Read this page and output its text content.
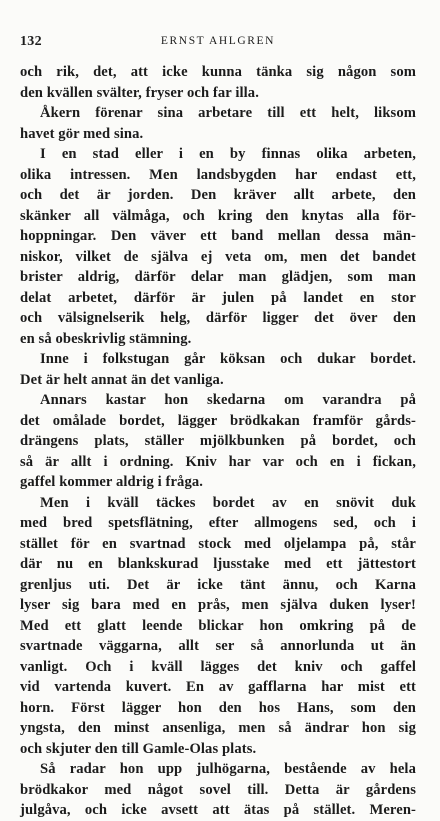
132	ERNST AHLGREN
och rik, det, att icke kunna tänka sig någon som
den kvällen svälter, fryser och far illa.
Åkern förenar sina arbetare till ett helt, liksom
havet gör med sina.
I en stad eller i en by finnas olika arbeten,
olika intressen. Men landsbygden har endast ett,
och det är jorden. Den kräver allt arbete, den
skänker all välmåga, och kring den knytas alla för-
hoppningar. Den väver ett band mellan dessa män-
niskor, vilket de själva ej veta om, men det bandet
brister aldrig, därför delar man glädjen, som man
delat arbetet, därför är julen på landet en stor
och välsignelserik helg, därför ligger det över den
en så obeskrivlig stämning.
Inne i folkstugan går köksan och dukar bordet.
Det är helt annat än det vanliga.
Annars kastar hon skedarna om varandra på
det omålade bordet, lägger brödkakan framför gårds-
drängens plats, ställer mjölkbunken på bordet, och
så är allt i ordning. Kniv har var och en i fickan,
gaffel kommer aldrig i fråga.
Men i kväll täckes bordet av en snövit duk
med bred spetsflätning, efter allmogens sed, och i
stället för en svartnad stock med oljelampa på, står
där nu en blankskurad ljusstake med ett jättestort
grenljus uti. Det är icke tänt ännu, och Karna
lyser sig bara med en prås, men själva duken lyser!
Med ett glatt leende blickar hon omkring på de
svartnade väggarna, allt ser så annorlunda ut än
vanligt. Och i kväll lägges det kniv och gaffel
vid vartenda kuvert. En av gafflarna har mist ett
horn. Först lägger hon den hos Hans, som den
yngsta, den minst ansenliga, men så ändrar hon sig
och skjuter den till Gamle-Olas plats.
Så radar hon upp julhögarna, bestående av hela
brödkakor med något sovel till. Detta är gårdens
julgåva, och icke avsett att ätas på stället. Meren-
